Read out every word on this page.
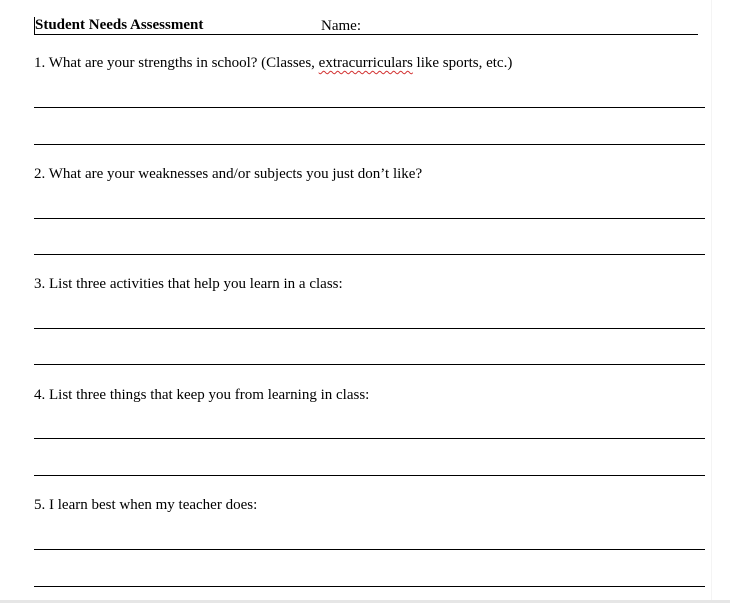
Student Needs Assessment	Name:
1. What are your strengths in school? (Classes, extracurriculars like sports, etc.)
2. What are your weaknesses and/or subjects you just don’t like?
3. List three activities that help you learn in a class:
4. List three things that keep you from learning in class:
5. I learn best when my teacher does:
